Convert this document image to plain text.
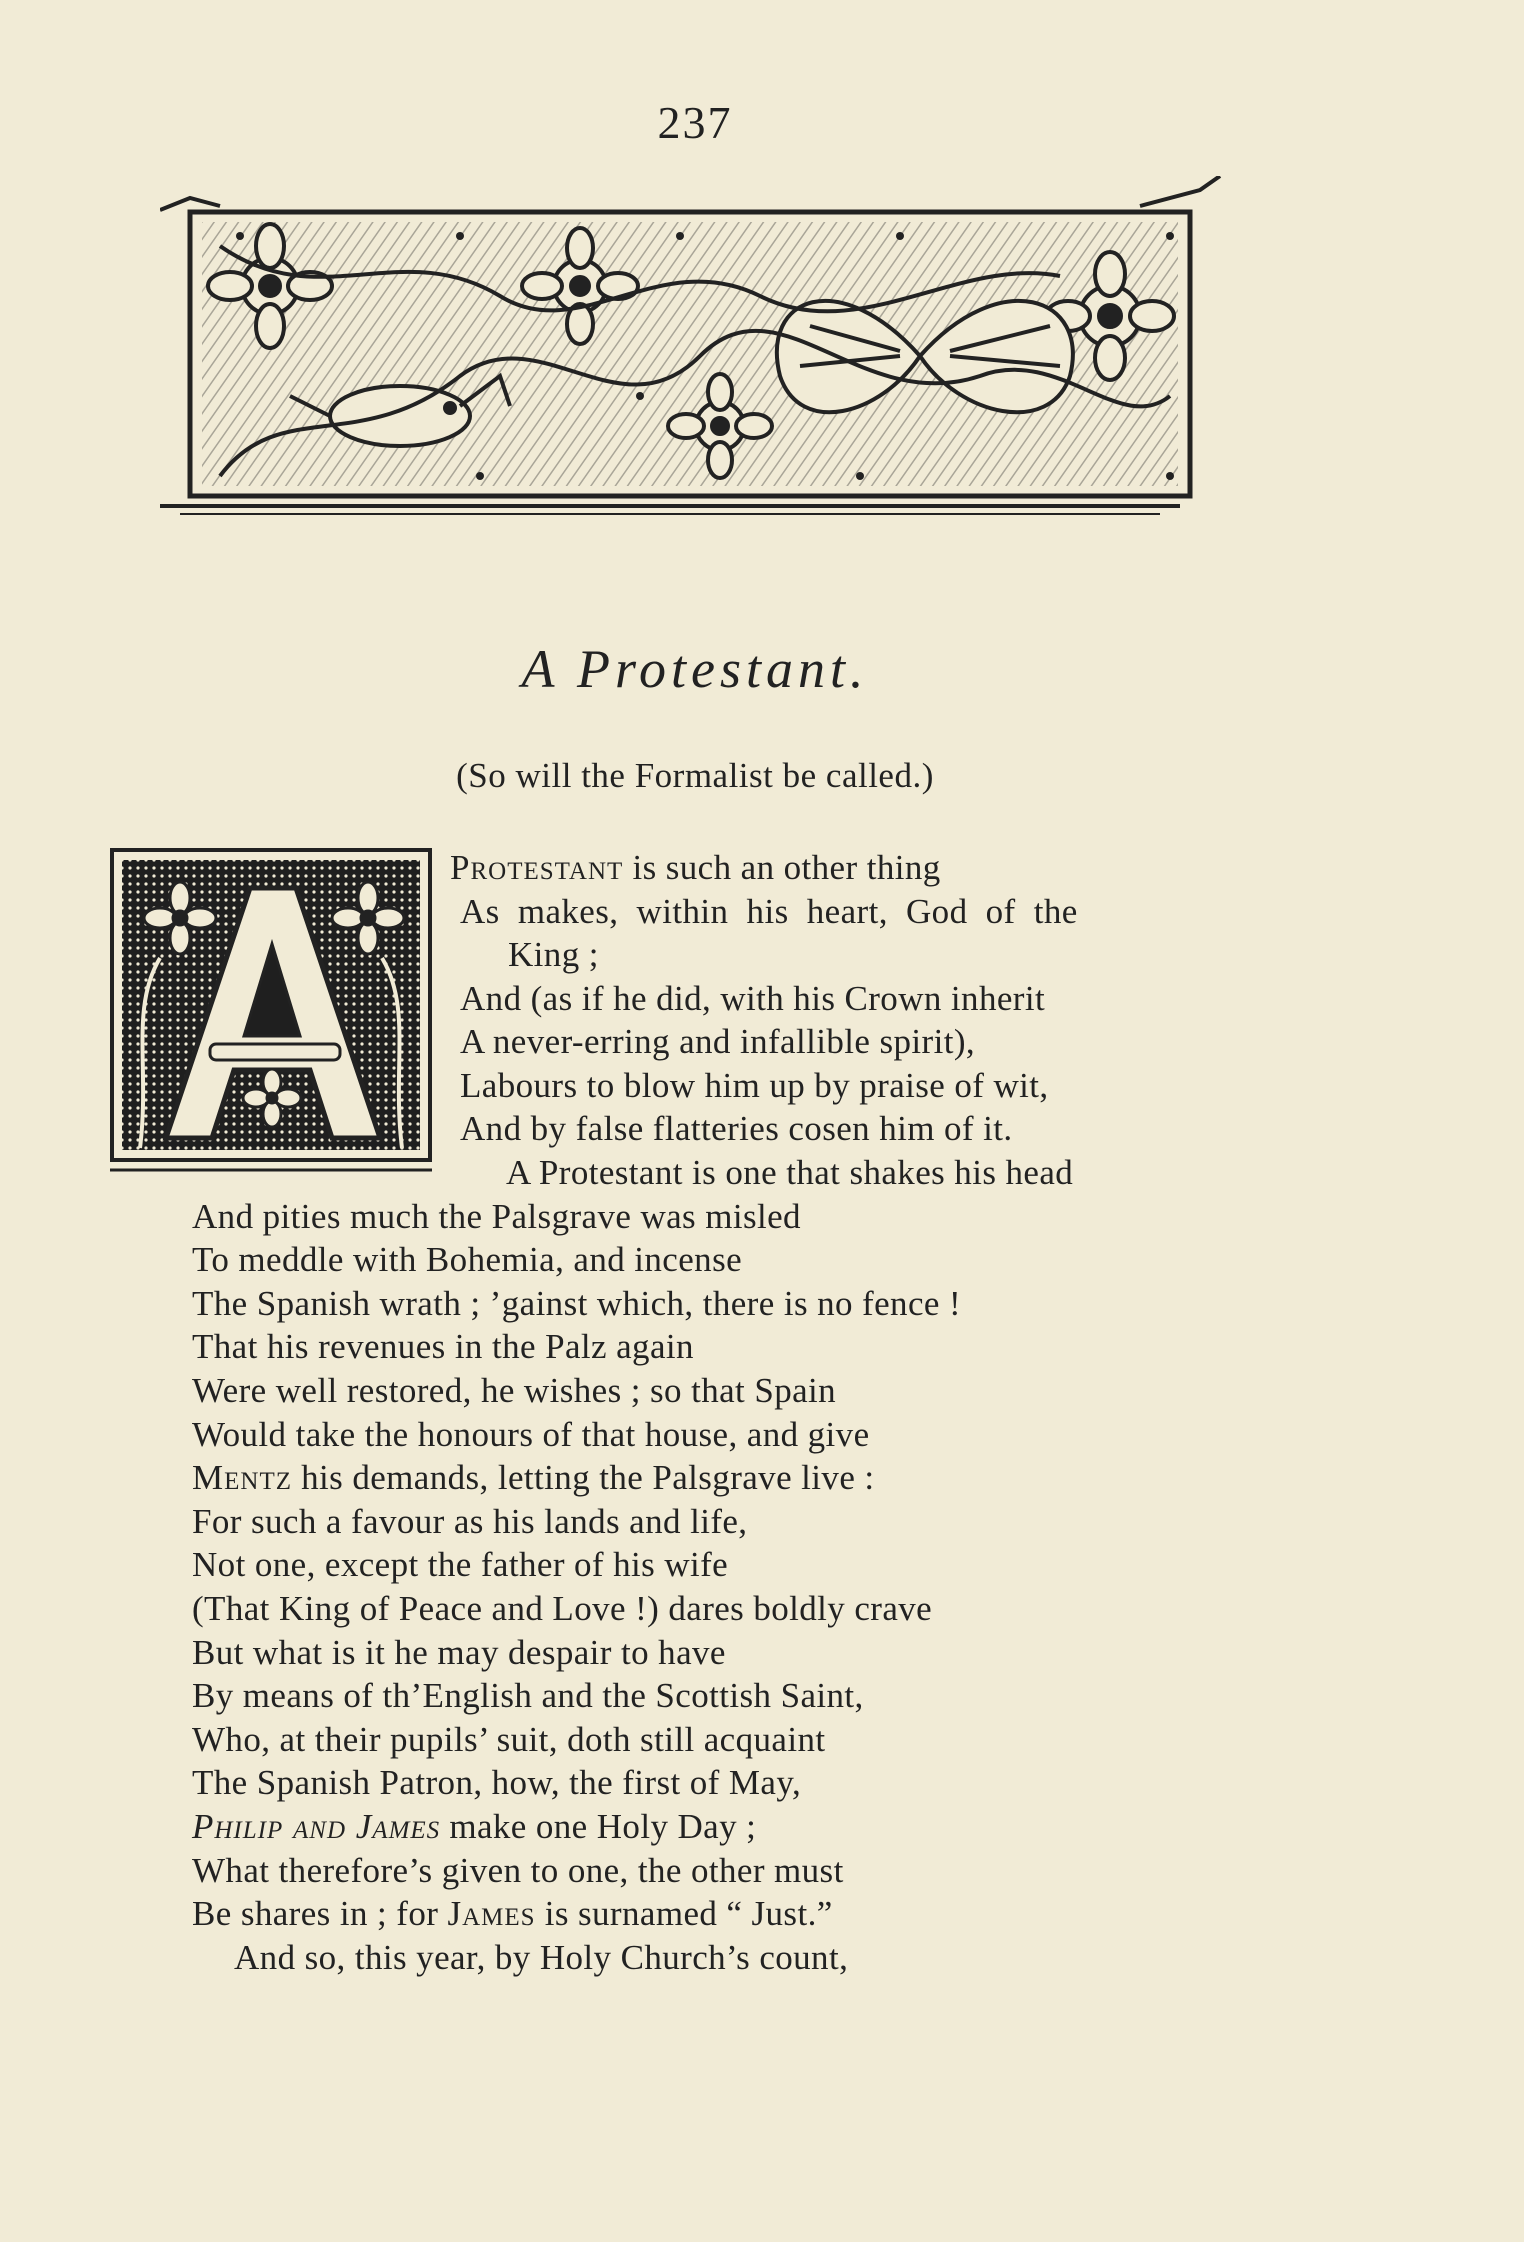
237
A Protestant.
(So will the Formalist be called.)
Protestant is such an other thing
As makes, within his heart, God of the
King ;
And (as if he did, with his Crown inherit
A never-erring and infallible spirit),
Labours to blow him up by praise of wit,
And by false flatteries cosen him of it.
A Protestant is one that shakes his head
And pities much the Palsgrave was misled
To meddle with Bohemia, and incense
The Spanish wrath ; ’gainst which, there is no fence !
That his revenues in the Palz again
Were well restored, he wishes ; so that Spain
Would take the honours of that house, and give
Mentz his demands, letting the Palsgrave live :
For such a favour as his lands and life,
Not one, except the father of his wife
(That King of Peace and Love !) dares boldly crave
But what is it he may despair to have
By means of th’English and the Scottish Saint,
Who, at their pupils’ suit, doth still acquaint
The Spanish Patron, how, the first of May,
Philip and James make one Holy Day ;
What therefore’s given to one, the other must
Be shares in ; for James is surnamed “ Just.”
And so, this year, by Holy Church’s count,
